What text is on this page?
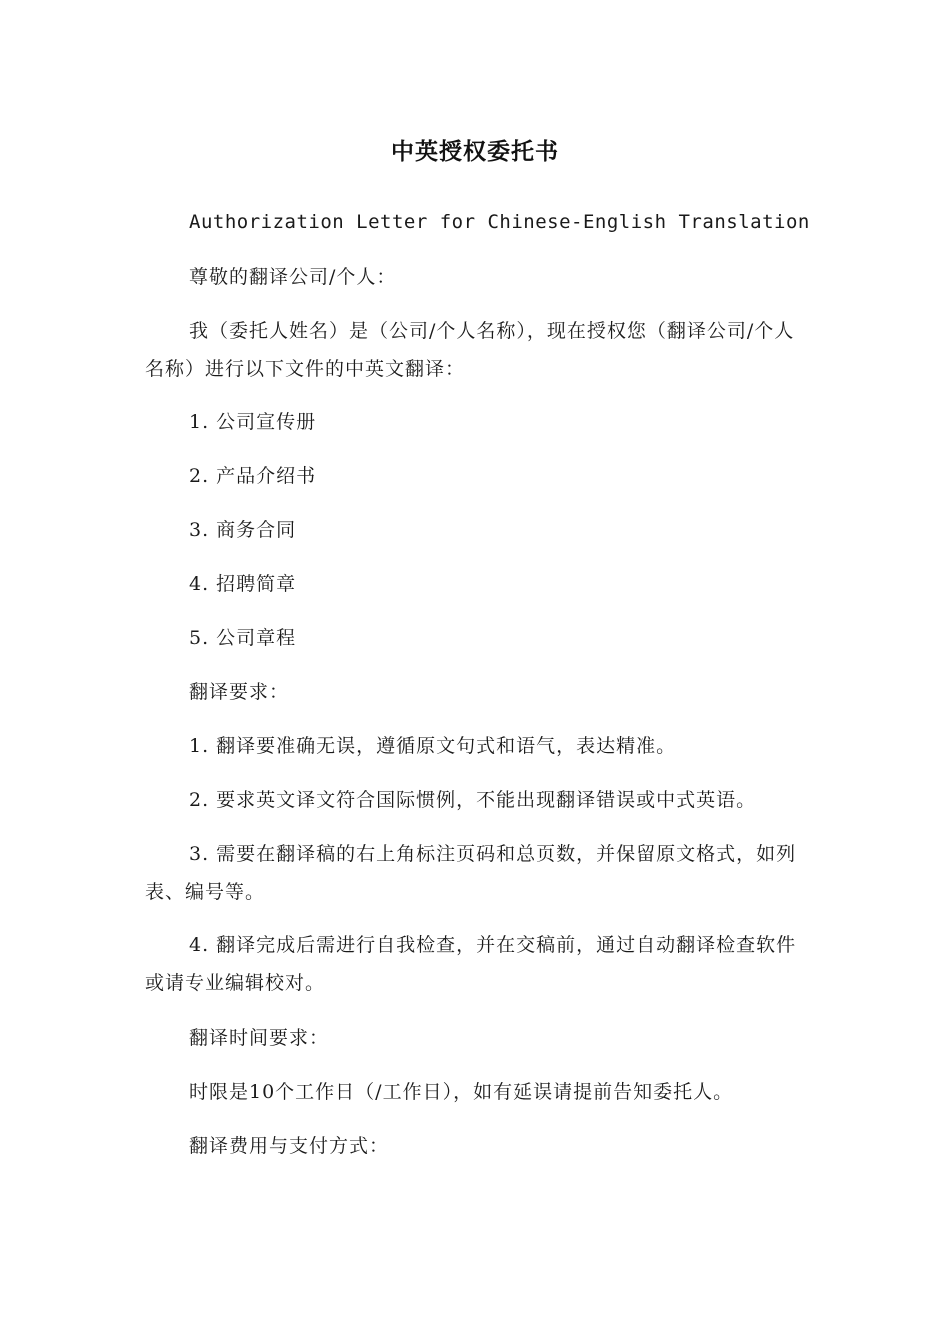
中英授权委托书
Authorization Letter for Chinese-English Translation
尊敬的翻译公司/个人：
我（委托人姓名）是（公司/个人名称），现在授权您（翻译公司/个人名称）进行以下文件的中英文翻译：
1. 公司宣传册
2. 产品介绍书
3. 商务合同
4. 招聘简章
5. 公司章程
翻译要求：
1. 翻译要准确无误，遵循原文句式和语气，表达精准。
2. 要求英文译文符合国际惯例，不能出现翻译错误或中式英语。
3. 需要在翻译稿的右上角标注页码和总页数，并保留原文格式，如列表、编号等。
4. 翻译完成后需进行自我检查，并在交稿前，通过自动翻译检查软件或请专业编辑校对。
翻译时间要求：
时限是10个工作日（/工作日），如有延误请提前告知委托人。
翻译费用与支付方式：
